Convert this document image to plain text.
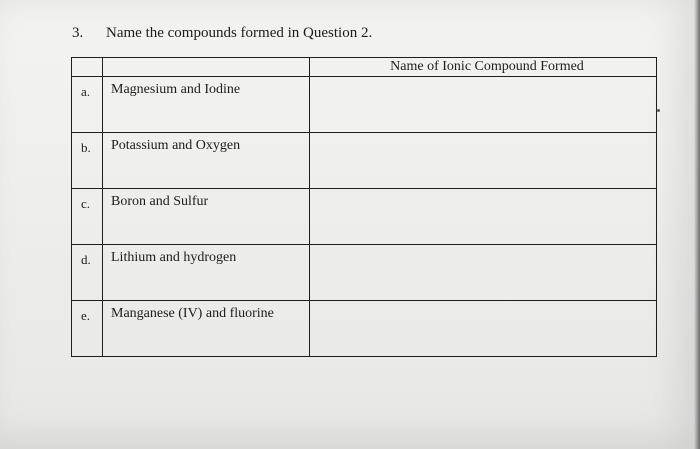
3. Name the compounds formed in Question 2.

		Name of Ionic Compound Formed

a.	Magnesium and Iodine	

b.	Potassium and Oxygen	

c.	Boron and Sulfur	

d.	Lithium and hydrogen	

e.	Manganese (IV) and fluorine	
